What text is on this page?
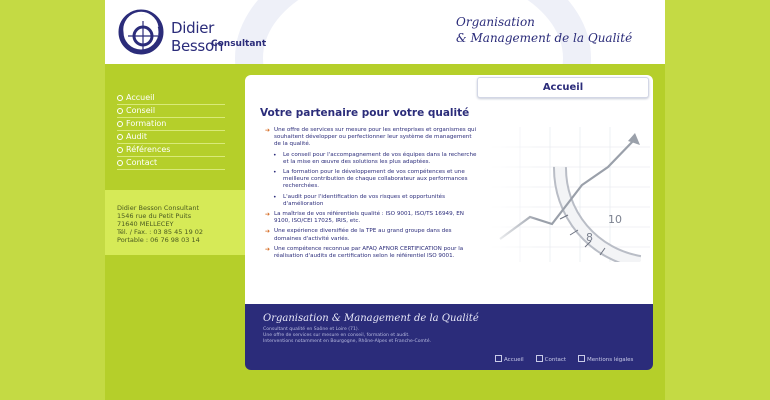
Didier Besson
Consultant
Organisation
& Management de la Qualité
Accueil
Conseil
Formation
Audit
Références
Contact
Didier Besson Consultant
1546 rue du Petit Puits
71640 MELLECEY
Tél. / Fax. : 03 85 45 19 02
Portable : 06 76 98 03 14
Accueil
Votre partenaire pour votre qualité
➔ Une offre de services sur mesure pour les entreprises et organismes qui souhaitent développer ou perfectionner leur système de management de la qualité.
• Le conseil pour l'accompagnement de vos équipes dans la recherche et la mise en œuvre des solutions les plus adaptées.
• La formation pour le développement de vos compétences et une meilleure contribution de chaque collaborateur aux performances recherchées.
• L'audit pour l'identification de vos risques et opportunités d'amélioration
➔ La maîtrise de vos référentiels qualité : ISO 9001, ISO/TS 16949, EN 9100, ISO/CEI 17025, IRIS, etc.
➔ Une expérience diversifiée de la TPE au grand groupe dans des domaines d'activité variés.
➔ Une compétence reconnue par AFAQ AFNOR CERTIFICATION pour la réalisation d'audits de certification selon le référentiel ISO 9001.
Organisation & Management de la Qualité
Consultant qualité en Saône et Loire (71).
Une offre de services sur mesure en conseil, formation et audit.
Interventions notamment en Bourgogne, Rhône-Alpes et Franche-Comté.
Accueil	Contact	Mentions légales
